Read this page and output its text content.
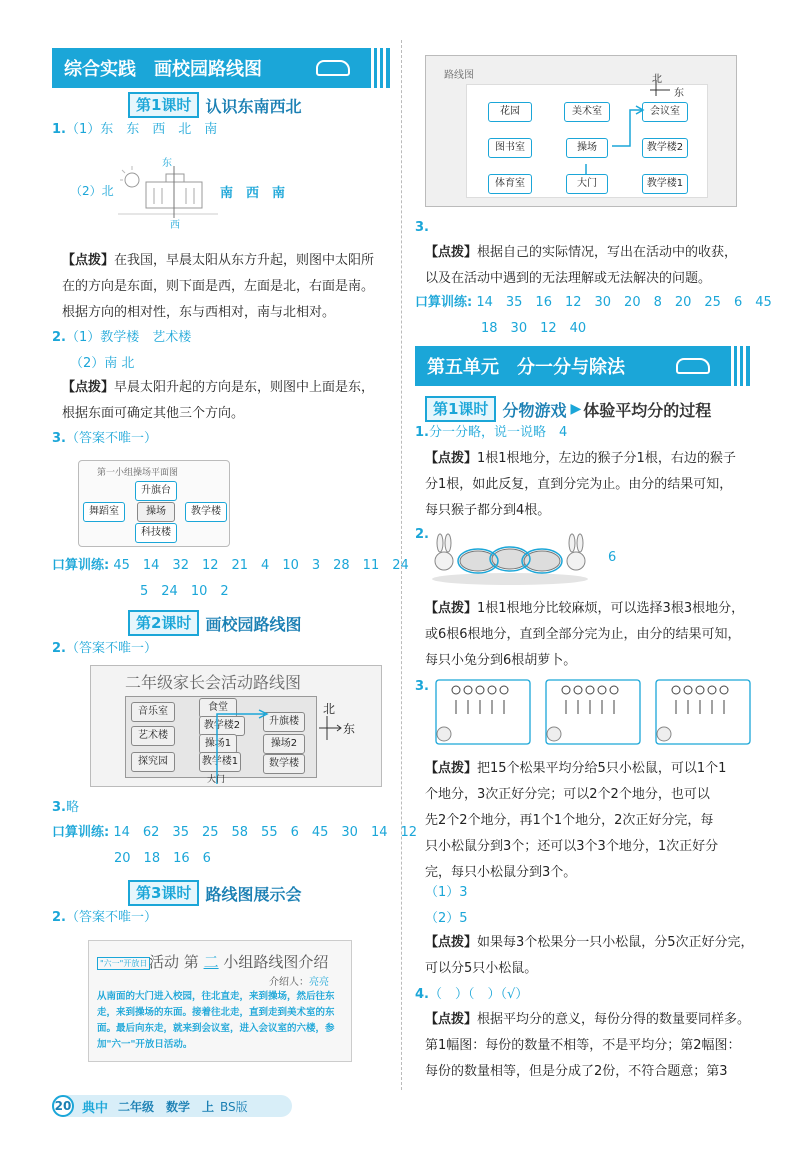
综合实践　画校园路线图
第1课时 认识东南西北
1.（1）东　东　西　北　南
（2）北
东
西
南　西　南
【点拨】在我国，早晨太阳从东方升起，则图中太阳所
在的方向是东面，则下面是西，左面是北，右面是南。
根据方向的相对性，东与西相对，南与北相对。
2.（1）教学楼　艺术楼
（2）南 北
【点拨】早晨太阳升起的方向是东，则图中上面是东，
根据东面可确定其他三个方向。
3.（答案不唯一）
第一小组操场平面图
升旗台
舞蹈室	操场	教学楼
科技楼
口算训练: 45　14　32　12　21　4　10　3　28　11　24
5　24　10　2
第2课时 画校园路线图
2.（答案不唯一）
二年级家长会活动路线图
音乐室	食堂
艺术楼
教学楼2	升旗楼
操场1	操场2
探究园	教学楼1	数学楼
大门
北
东
3.略
口算训练: 14　62　35　25　58　55　6　45　30　14　12
20　18　16　6
第3课时 路线图展示会
2.（答案不唯一）
"六一"开放日 活动 第 二 小组路线图介绍
介绍人：亮亮
从南面的大门进入校园，往北直走，来到操场，然后往东走，来到操场的东面。接着往北走，直到走到美术室的东面。最后向东走，就来到会议室，进入会议室的六楼，参加"六一"开放日活动。
20 典中 二年级　数学　上 BS版
路线图
花园	美术室	会议室
图书室	操场	教学楼2
体育室	大门	教学楼1
北
东
3.
【点拨】根据自己的实际情况，写出在活动中的收获，
以及在活动中遇到的无法理解或无法解决的问题。
口算训练: 14　35　16　12　30　20　8　20　25　6　45
18　30　12　40
第五单元　分一分与除法
第1课时 分物游戏 ▶ 体验平均分的过程
1.分一分略，说一说略　4
【点拨】1根1根地分，左边的猴子分1根，右边的猴子
分1根，如此反复，直到分完为止。由分的结果可知，
每只猴子都分到4根。
2.
6
【点拨】1根1根地分比较麻烦，可以选择3根3根地分，
或6根6根地分，直到全部分完为止，由分的结果可知，
每只小兔分到6根胡萝卜。
3.
【点拨】把15个松果平均分给5只小松鼠，可以1个1
个地分，3次正好分完；可以2个2个地分，也可以
先2个2个地分，再1个1个地分，2次正好分完，每
只小松鼠分到3个；还可以3个3个地分，1次正好分
完，每只小松鼠分到3个。
（1）3
（2）5
【点拨】如果每3个松果分一只小松鼠，分5次正好分完，
可以分5只小松鼠。
4.（　）（　）（√）
【点拨】根据平均分的意义，每份分得的数量要同样多。
第1幅图：每份的数量不相等，不是平均分；第2幅图：
每份的数量相等，但是分成了2份，不符合题意；第3
